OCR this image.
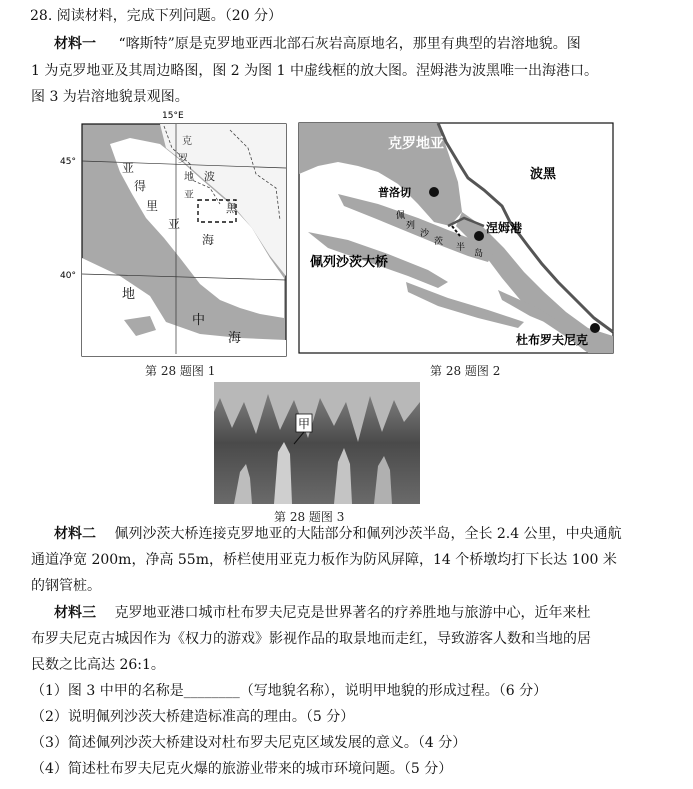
28. 阅读材料，完成下列问题。（20 分）
材料一 “喀斯特”原是克罗地亚西北部石灰岩高原地名，那里有典型的岩溶地貌。图
1 为克罗地亚及其周边略图，图 2 为图 1 中虚线框的放大图。涅姆港为波黑唯一出海港口。
图 3 为岩溶地貌景观图。
15°E
45°
40°
克
罗
地
亚
亚
得
里
亚
波
黑
海
地
中
海
第 28 题图 1
克罗地亚
波黑
普洛切
涅姆港
佩列沙茨大桥
佩
列
沙
茨
半
岛
杜布罗夫尼克
第 28 题图 2
甲
第 28 题图 3
材料二 佩列沙茨大桥连接克罗地亚的大陆部分和佩列沙茨半岛，全长 2.4 公里，中央通航
通道净宽 200m，净高 55m，桥栏使用亚克力板作为防风屏障，14 个桥墩均打下长达 100 米
的钢管桩。
材料三 克罗地亚港口城市杜布罗夫尼克是世界著名的疗养胜地与旅游中心，近年来杜
布罗夫尼克古城因作为《权力的游戏》影视作品的取景地而走红，导致游客人数和当地的居
民数之比高达 26:1。
（1）图 3 中甲的名称是________（写地貌名称），说明甲地貌的形成过程。（6 分）
（2）说明佩列沙茨大桥建造标准高的理由。（5 分）
（3）简述佩列沙茨大桥建设对杜布罗夫尼克区域发展的意义。（4 分）
（4）简述杜布罗夫尼克火爆的旅游业带来的城市环境问题。（5 分）
